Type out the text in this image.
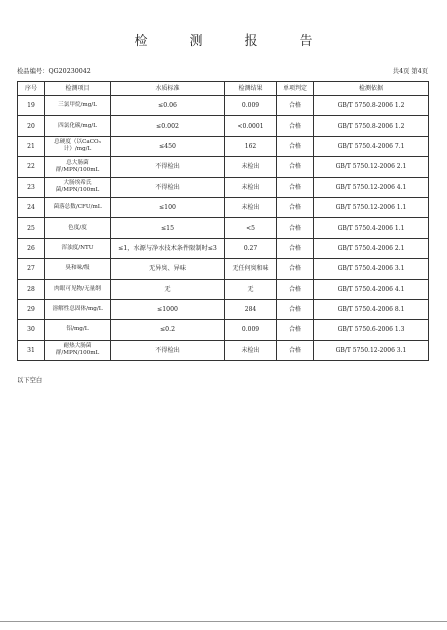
检	测	报	告
检品编号：QG20230042	共4页 第4页
序号	检测项目	水质标准	检测结果	单项判定	检测依据
19	三氯甲烷/mg/L	≤0.06	0.009	合格	GB/T 5750.8-2006 1.2
20	四氯化碳/mg/L	≤0.002	<0.0001	合格	GB/T 5750.8-2006 1.2
21	总硬度（以CaCO₃计）/mg/L	≤450	162	合格	GB/T 5750.4-2006 7.1
22	总大肠菌群/MPN/100mL	不得检出	未检出	合格	GB/T 5750.12-2006 2.1
23	大肠埃希氏菌/MPN/100mL	不得检出	未检出	合格	GB/T 5750.12-2006 4.1
24	菌落总数/CFU/mL	≤100	未检出	合格	GB/T 5750.12-2006 1.1
25	色度/度	≤15	<5	合格	GB/T 5750.4-2006 1.1
26	浑浊度/NTU	≤1，水源与净水技术条件限制时≤3	0.27	合格	GB/T 5750.4-2006 2.1
27	臭和味/级	无异臭、异味	无任何臭和味	合格	GB/T 5750.4-2006 3.1
28	肉眼可见物/无量纲	无	无	合格	GB/T 5750.4-2006 4.1
29	溶解性总固体/mg/L	≤1000	284	合格	GB/T 5750.4-2006 8.1
30	铝/mg/L	≤0.2	0.009	合格	GB/T 5750.6-2006 1.3
31	耐热大肠菌群/MPN/100mL	不得检出	未检出	合格	GB/T 5750.12-2006 3.1
以下空白
